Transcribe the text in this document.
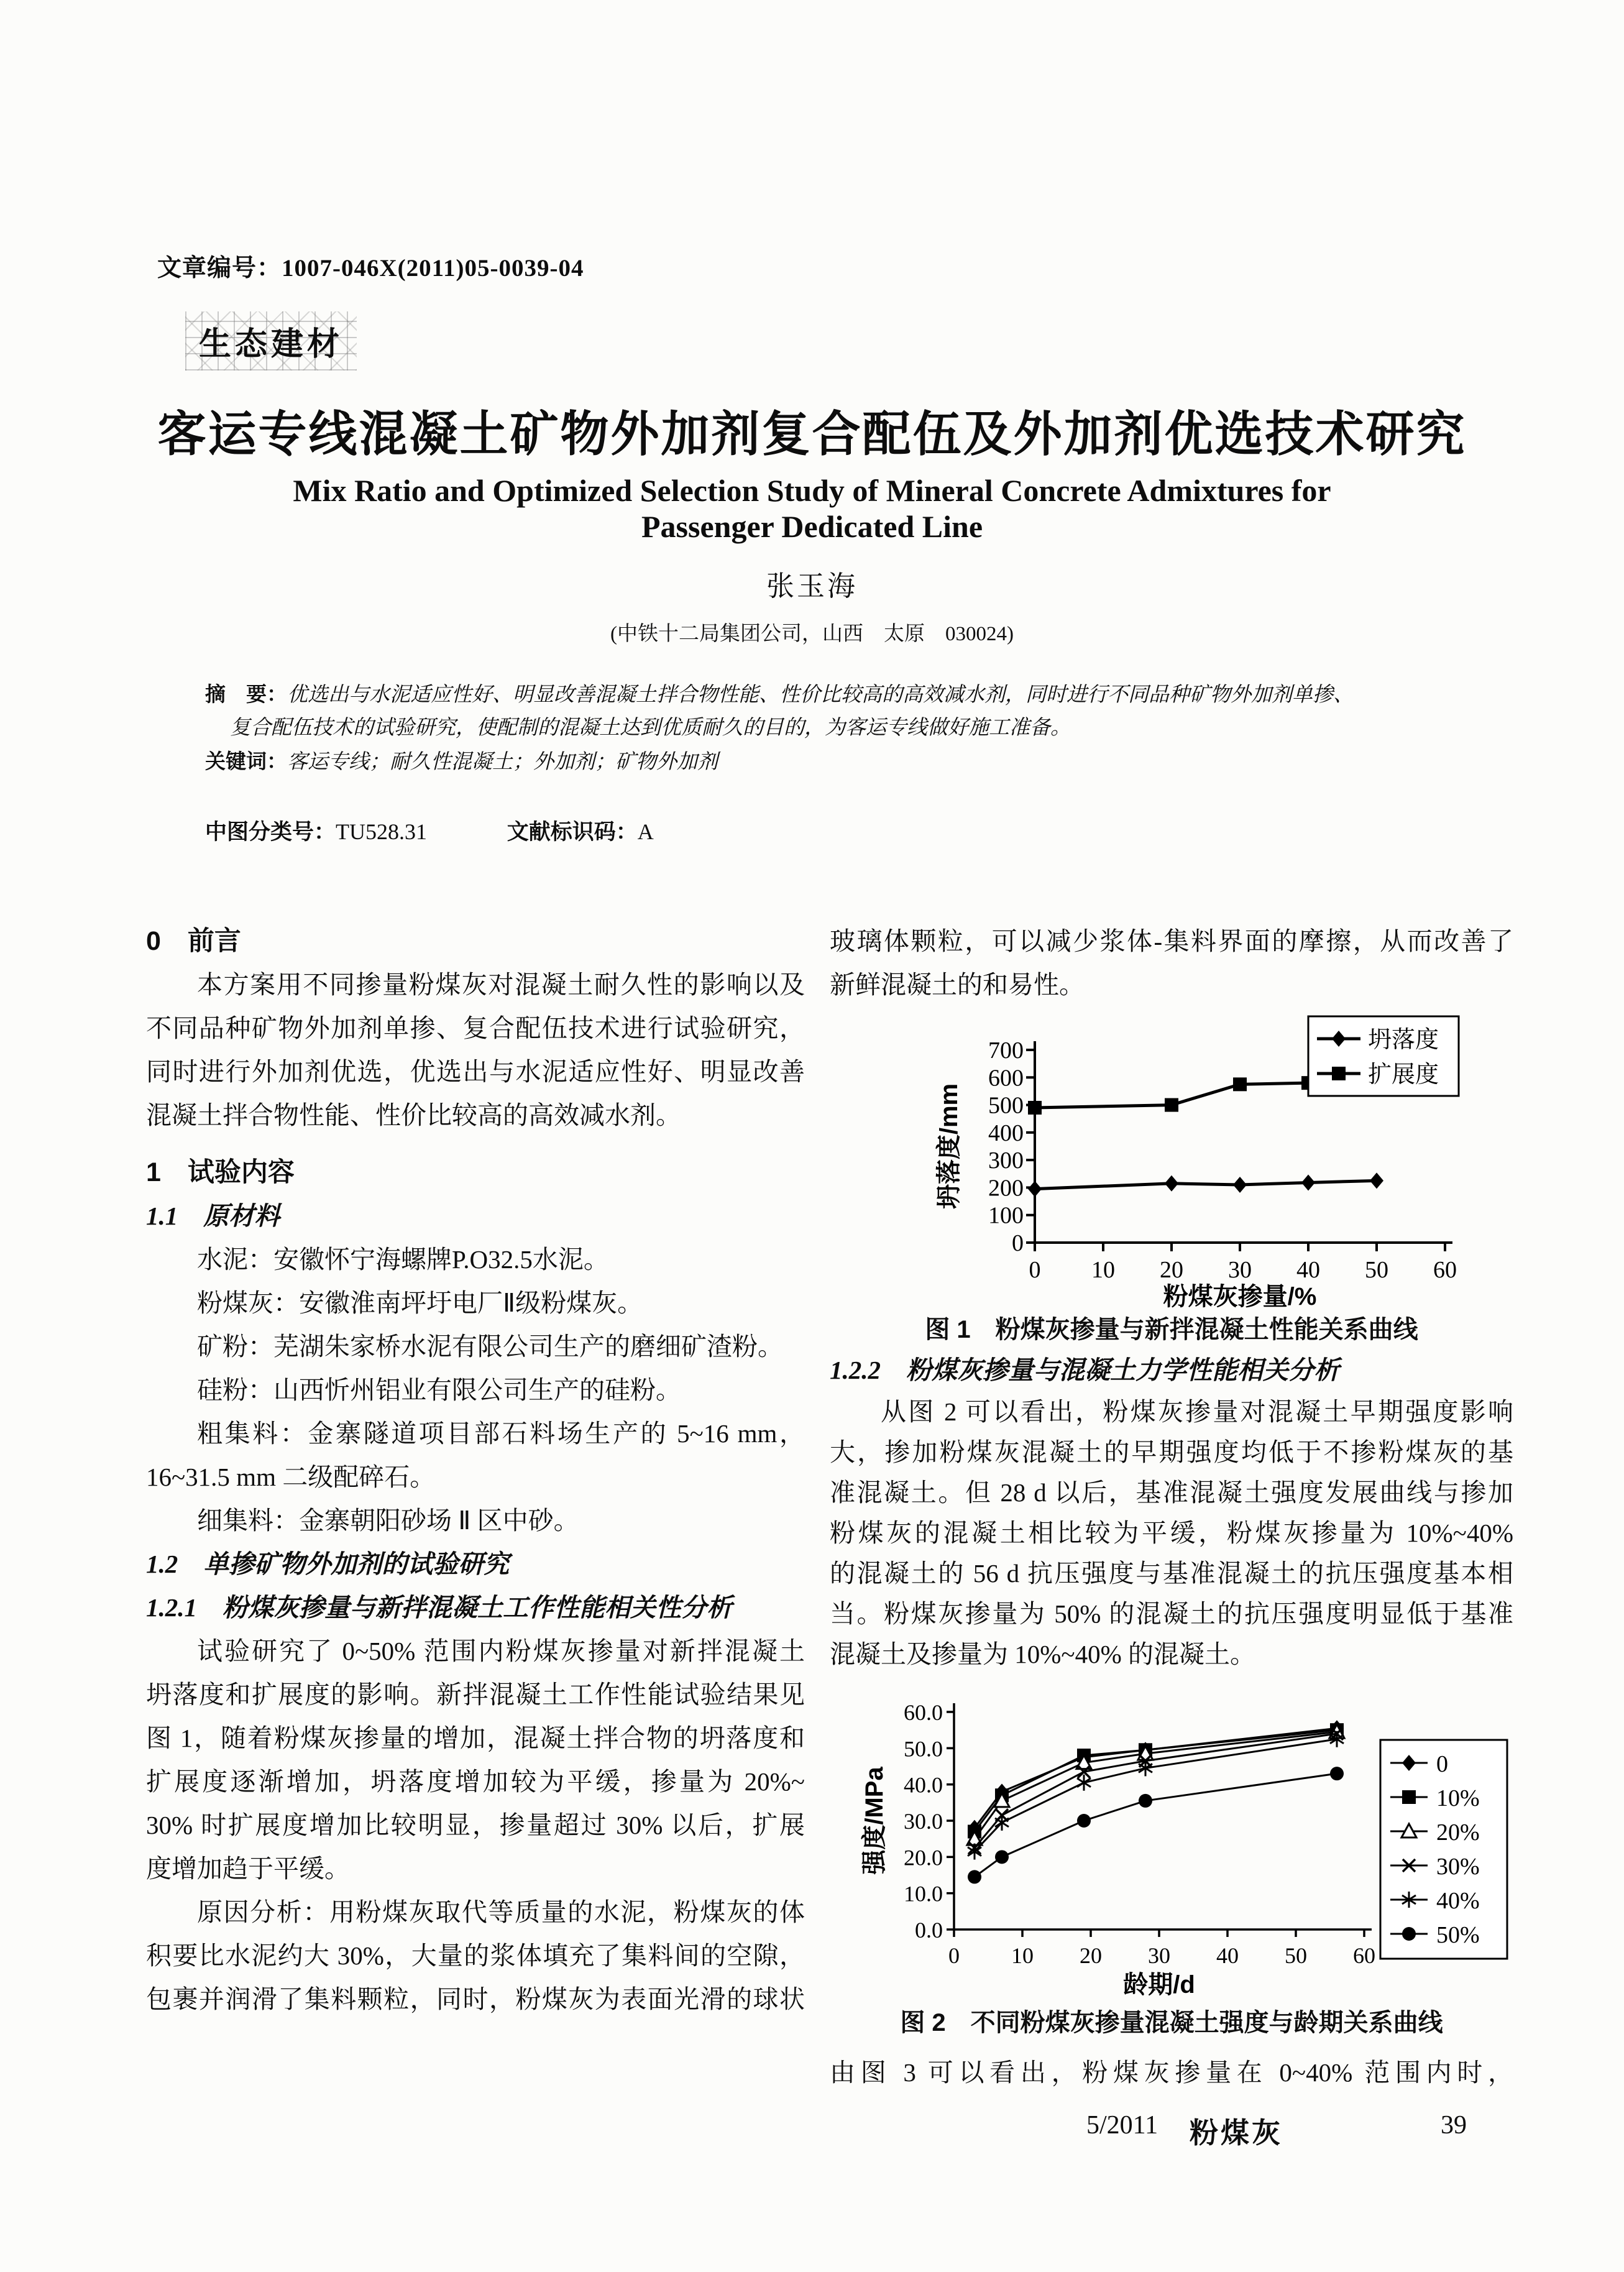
文章编号：1007-046X(2011)05-0039-04
生态建材
客运专线混凝土矿物外加剂复合配伍及外加剂优选技术研究
Mix Ratio and Optimized Selection Study of Mineral Concrete Admixtures for
Passenger Dedicated Line
张玉海
(中铁十二局集团公司，山西　太原　030024)
摘　要：优选出与水泥适应性好、明显改善混凝土拌合物性能、性价比较高的高效减水剂，同时进行不同品种矿物外加剂单掺、
复合配伍技术的试验研究，使配制的混凝土达到优质耐久的目的，为客运专线做好施工准备。
关键词：客运专线；耐久性混凝土；外加剂；矿物外加剂
中图分类号：TU528.31	文献标识码：A
0　前言
本方案用不同掺量粉煤灰对混凝土耐久性的影响以及
不同品种矿物外加剂单掺、复合配伍技术进行试验研究，
同时进行外加剂优选，优选出与水泥适应性好、明显改善
混凝土拌合物性能、性价比较高的高效减水剂。
1　试验内容
1.1　原材料
水泥：安徽怀宁海螺牌P.O32.5水泥。
粉煤灰：安徽淮南坪圩电厂Ⅱ级粉煤灰。
矿粉：芜湖朱家桥水泥有限公司生产的磨细矿渣粉。
硅粉：山西忻州铝业有限公司生产的硅粉。
粗集料：金寨隧道项目部石料场生产的 5~16 mm，
16~31.5 mm 二级配碎石。
细集料：金寨朝阳砂场 Ⅱ 区中砂。
1.2　单掺矿物外加剂的试验研究
1.2.1　粉煤灰掺量与新拌混凝土工作性能相关性分析
试验研究了 0~50% 范围内粉煤灰掺量对新拌混凝土
坍落度和扩展度的影响。新拌混凝土工作性能试验结果见
图 1，随着粉煤灰掺量的增加，混凝土拌合物的坍落度和
扩展度逐渐增加，坍落度增加较为平缓，掺量为 20%~
30% 时扩展度增加比较明显，掺量超过 30% 以后，扩展
度增加趋于平缓。
原因分析：用粉煤灰取代等质量的水泥，粉煤灰的体
积要比水泥约大 30%，大量的浆体填充了集料间的空隙，
包裹并润滑了集料颗粒，同时，粉煤灰为表面光滑的球状
玻璃体颗粒，可以减少浆体-集料界面的摩擦，从而改善了
新鲜混凝土的和易性。
0
100
200
300
400
500
600
700
0 10 20 30 40 50 60
粉煤灰掺量/%
坍落度/mm
坍落度
扩展度
图 1　粉煤灰掺量与新拌混凝土性能关系曲线
1.2.2　粉煤灰掺量与混凝土力学性能相关分析
从图 2 可以看出，粉煤灰掺量对混凝土早期强度影响
大，掺加粉煤灰混凝土的早期强度均低于不掺粉煤灰的基
准混凝土。但 28 d 以后，基准混凝土强度发展曲线与掺加
粉煤灰的混凝土相比较为平缓，粉煤灰掺量为 10%~40%
的混凝土的 56 d 抗压强度与基准混凝土的抗压强度基本相
当。粉煤灰掺量为 50% 的混凝土的抗压强度明显低于基准
混凝土及掺量为 10%~40% 的混凝土。
0.0
10.0
20.0
30.0
40.0
50.0
60.0
0 10 20 30 40 50 60
龄期/d
强度/MPa
0
10%
20%
30%
40%
50%
图 2　不同粉煤灰掺量混凝土强度与龄期关系曲线
由图 3 可以看出，粉煤灰掺量在 0~40% 范围内时，
5/2011 粉煤灰	39
